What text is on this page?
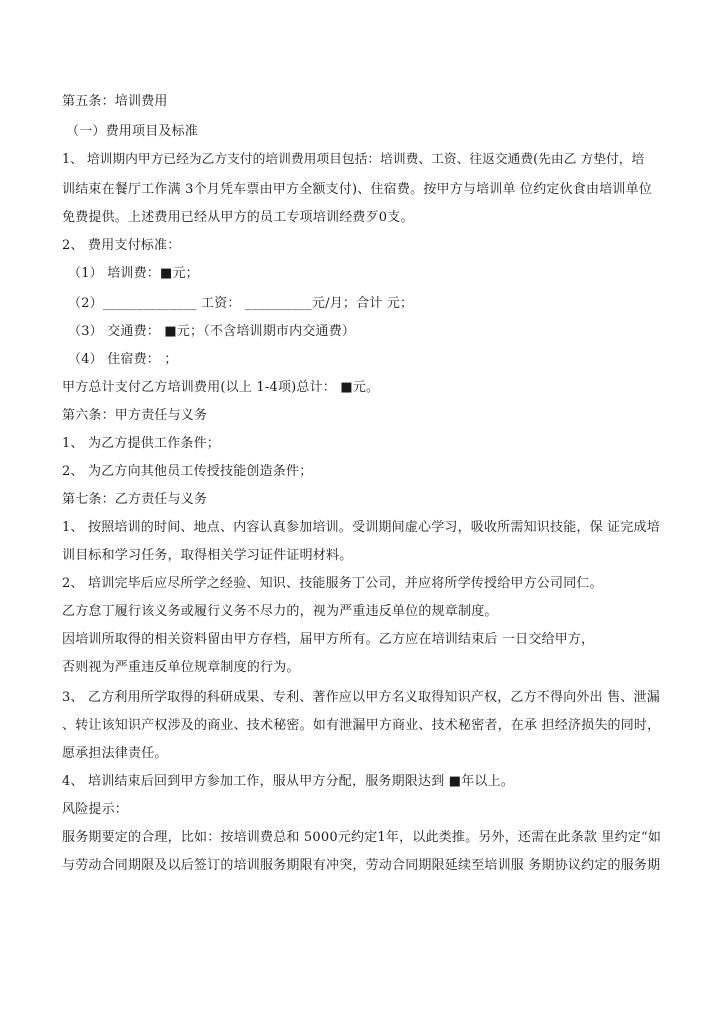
第五条：培训费用
（一）费用项目及标准
1、 培训期内甲方已经为乙方支付的培训费用项目包括：培训费、工资、往返交通费(先由乙 方垫付，培
训结束在餐厅工作满 3个月凭车票由甲方全额支付)、住宿费。按甲方与培训单 位约定伙食由培训单位
免费提供。上述费用已经从甲方的员工专项培训经费歹0支。
2、 费用支付标准：
（1） 培训费：■元；
（2）______________ 工资： __________元/月；合计 元；
（3） 交通费： ■元；（不含培训期市内交通费）
（4） 住宿费： ；
甲方总计支付乙方培训费用(以上 1-4项)总计： ■元。
第六条：甲方责任与义务
1、 为乙方提供工作条件；
2、 为乙方向其他员工传授技能创造条件；
第七条：乙方责任与义务
1、 按照培训的时间、地点、内容认真参加培训。受训期间虚心学习，吸收所需知识技能，保 证完成培
训目标和学习任务，取得相关学习证件证明材料。
2、 培训完毕后应尽所学之经验、知识、技能服务丁公司，并应将所学传授给甲方公司同仁。
乙方怠丁履行该义务或履行义务不尽力的，视为严重违反单位的规章制度。
因培训所取得的相关资料留由甲方存档，届甲方所有。乙方应在培训结束后 一日交给甲方，
否则视为严重违反单位规章制度的行为。
3、 乙方利用所学取得的科研成果、专利、著作应以甲方名义取得知识产权，乙方不得向外出 售、泄漏
、转让该知识产权涉及的商业、技术秘密。如有泄漏甲方商业、技术秘密者，在承 担经济损失的同时，
愿承担法律责任。
4、 培训结束后回到甲方参加工作，服从甲方分配，服务期限达到 ■年以上。
风险提示：
服务期要定的合理，比如：按培训费总和 5000元约定1年，以此类推。另外，还需在此条款 里约定“如
与劳动合同期限及以后签订的培训服务期限有冲突，劳动合同期限延续至培训服 务期协议约定的服务期
